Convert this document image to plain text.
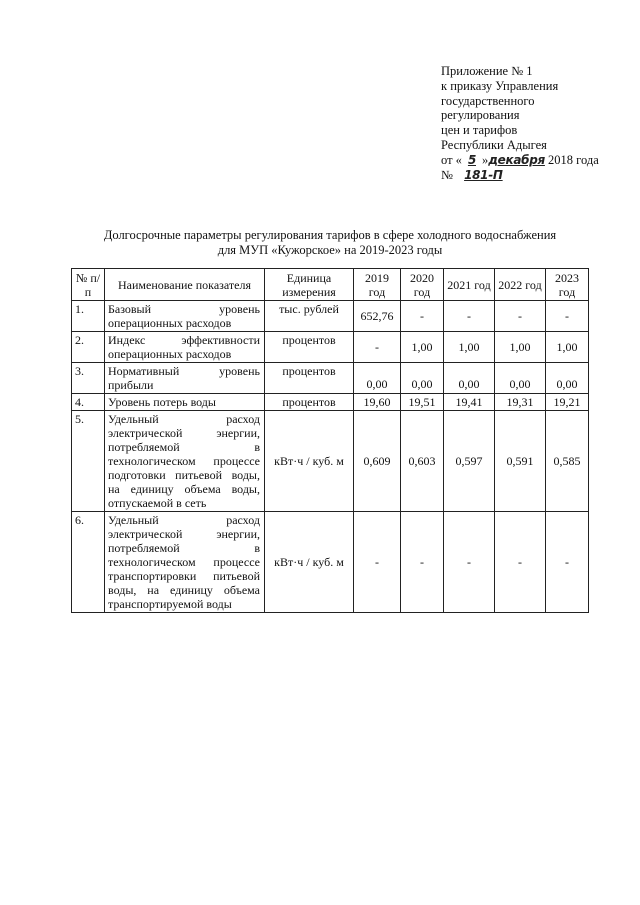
Приложение № 1
к приказу Управления
государственного
регулирования
цен и тарифов
Республики Адыгея
от « 5 »декабря 2018 года
№ 181-П
Долгосрочные параметры регулирования тарифов в сфере холодного водоснабжения
для МУП «Кужорское» на 2019-2023 годы
№ п/п	Наименование показателя	Единица измерения	2019 год	2020 год	2021 год	2022 год	2023 год
1.	Базовый уровень операционных расходов	тыс. рублей	652,76	-	-	-	-
2.	Индекс эффективности операционных расходов	процентов	-	1,00	1,00	1,00	1,00
3.	Нормативный уровень прибыли	процентов	0,00	0,00	0,00	0,00	0,00
4.	Уровень потерь воды	процентов	19,60	19,51	19,41	19,31	19,21
5.	Удельный расход электрической энергии, потребляемой в технологическом процессе подготовки питьевой воды, на единицу объема воды, отпускаемой в сеть	кВт·ч / куб. м	0,609	0,603	0,597	0,591	0,585
6.	Удельный расход электрической энергии, потребляемой в технологическом процессе транспортировки питьевой воды, на единицу объема транспортируемой воды	кВт·ч / куб. м	-	-	-	-	-
